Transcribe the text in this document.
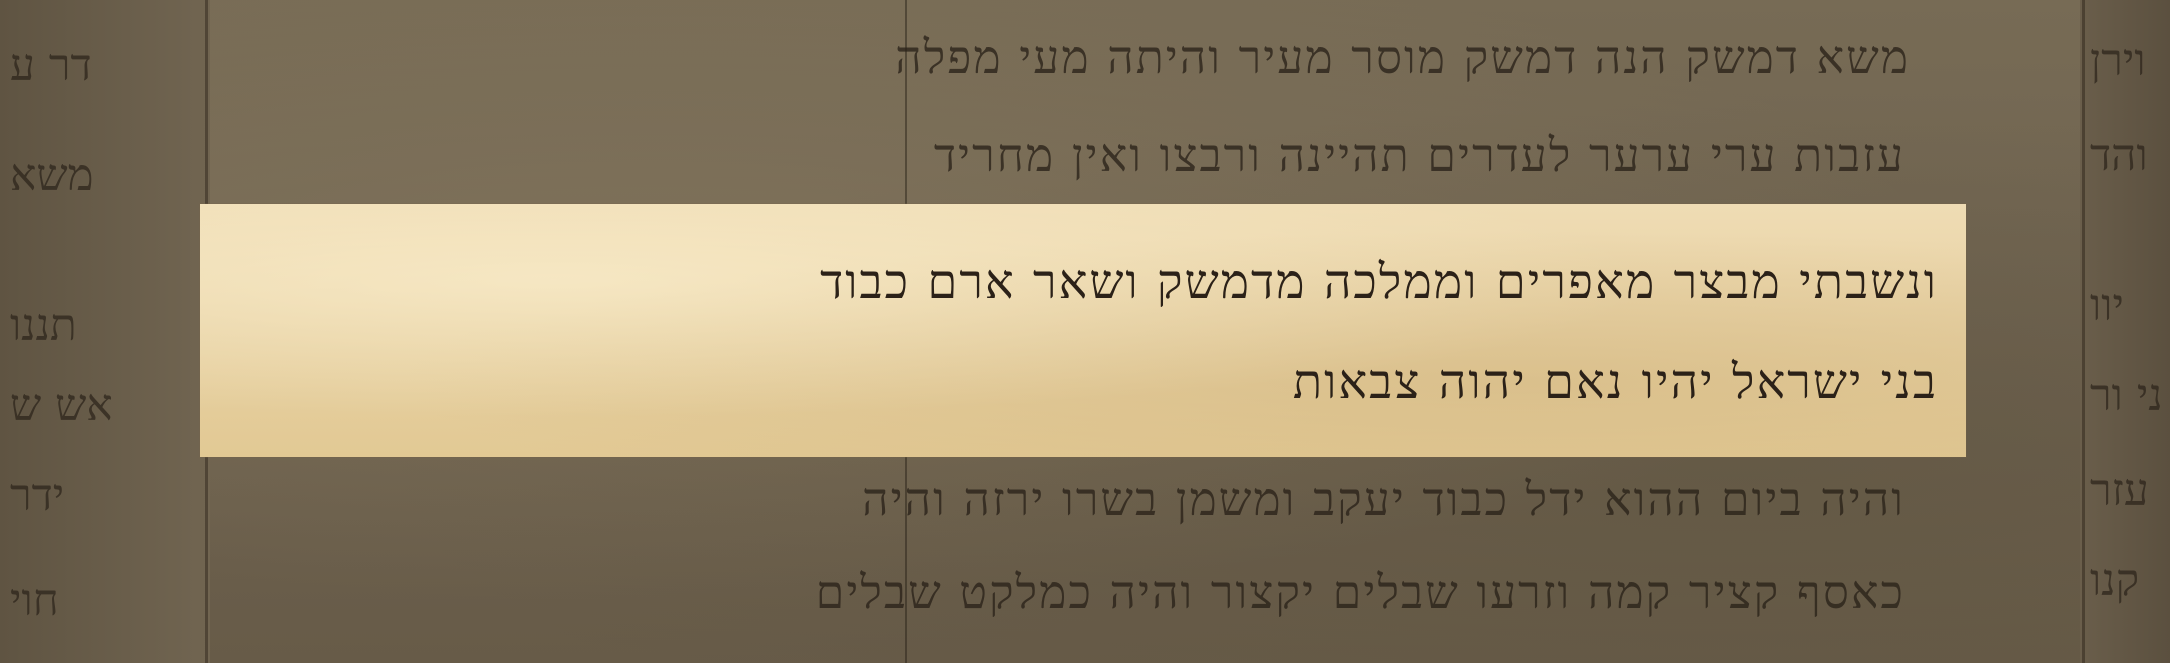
דר ע
משא
תננו
אש ש
ידר
חוי
וירן
והד
יוו
ני ור
עזר
קנו
משא דמשק הנה דמשק מוסר מעיר והיתה מעי מפלה
עזבות ערי ערער לעדרים תהיינה ורבצו ואין מחריד
והיה ביום ההוא ידל כבוד יעקב ומשמן בשרו ירזה והיה
כאסף קציר קמה וזרעו שבלים יקצור והיה כמלקט שבלים
ונשבתי מבצר מאפרים וממלכה מדמשק ושאר ארם כבוד
בני ישראל יהיו נאם יהוה צבאות
